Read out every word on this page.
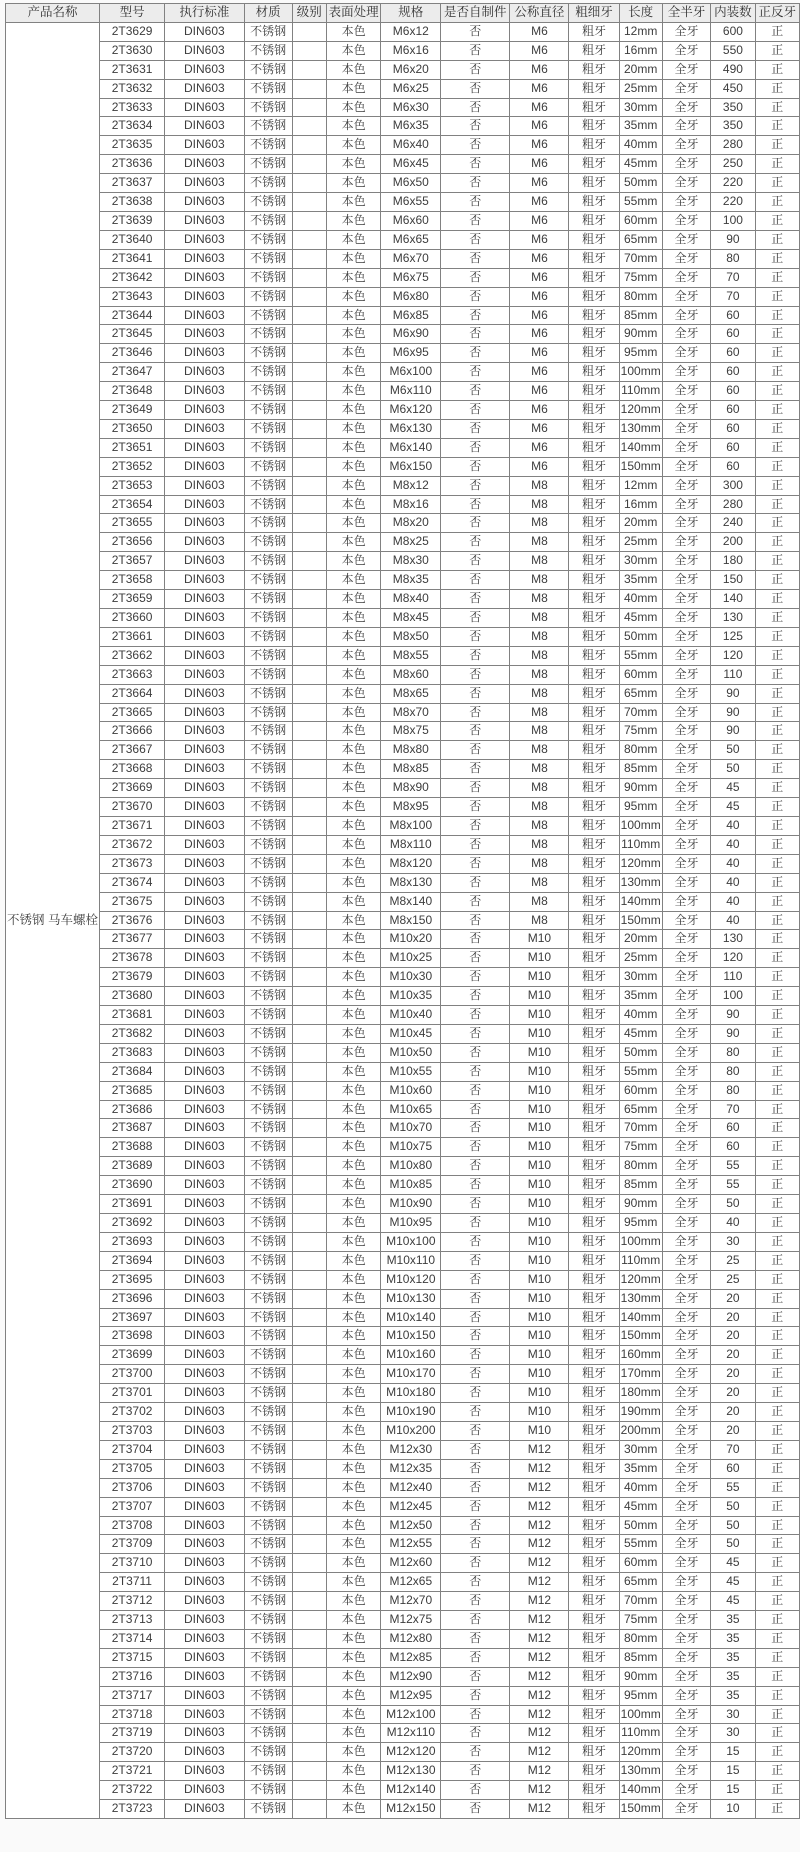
产品名称	型号	执行标准	材质	级别	表面处理	规格	是否自制件	公称直径	粗细牙	长度	全半牙	内装数	正反牙
不锈钢 马车螺栓	2T3629	DIN603	不锈钢		本色	M6x12	否	M6	粗牙	12mm	全牙	600	正
	2T3630	DIN603	不锈钢		本色	M6x16	否	M6	粗牙	16mm	全牙	550	正
	2T3631	DIN603	不锈钢		本色	M6x20	否	M6	粗牙	20mm	全牙	490	正
	2T3632	DIN603	不锈钢		本色	M6x25	否	M6	粗牙	25mm	全牙	450	正
	2T3633	DIN603	不锈钢		本色	M6x30	否	M6	粗牙	30mm	全牙	350	正
	2T3634	DIN603	不锈钢		本色	M6x35	否	M6	粗牙	35mm	全牙	350	正
	2T3635	DIN603	不锈钢		本色	M6x40	否	M6	粗牙	40mm	全牙	280	正
	2T3636	DIN603	不锈钢		本色	M6x45	否	M6	粗牙	45mm	全牙	250	正
	2T3637	DIN603	不锈钢		本色	M6x50	否	M6	粗牙	50mm	全牙	220	正
	2T3638	DIN603	不锈钢		本色	M6x55	否	M6	粗牙	55mm	全牙	220	正
	2T3639	DIN603	不锈钢		本色	M6x60	否	M6	粗牙	60mm	全牙	100	正
	2T3640	DIN603	不锈钢		本色	M6x65	否	M6	粗牙	65mm	全牙	90	正
	2T3641	DIN603	不锈钢		本色	M6x70	否	M6	粗牙	70mm	全牙	80	正
	2T3642	DIN603	不锈钢		本色	M6x75	否	M6	粗牙	75mm	全牙	70	正
	2T3643	DIN603	不锈钢		本色	M6x80	否	M6	粗牙	80mm	全牙	70	正
	2T3644	DIN603	不锈钢		本色	M6x85	否	M6	粗牙	85mm	全牙	60	正
	2T3645	DIN603	不锈钢		本色	M6x90	否	M6	粗牙	90mm	全牙	60	正
	2T3646	DIN603	不锈钢		本色	M6x95	否	M6	粗牙	95mm	全牙	60	正
	2T3647	DIN603	不锈钢		本色	M6x100	否	M6	粗牙	100mm	全牙	60	正
	2T3648	DIN603	不锈钢		本色	M6x110	否	M6	粗牙	110mm	全牙	60	正
	2T3649	DIN603	不锈钢		本色	M6x120	否	M6	粗牙	120mm	全牙	60	正
	2T3650	DIN603	不锈钢		本色	M6x130	否	M6	粗牙	130mm	全牙	60	正
	2T3651	DIN603	不锈钢		本色	M6x140	否	M6	粗牙	140mm	全牙	60	正
	2T3652	DIN603	不锈钢		本色	M6x150	否	M6	粗牙	150mm	全牙	60	正
	2T3653	DIN603	不锈钢		本色	M8x12	否	M8	粗牙	12mm	全牙	300	正
	2T3654	DIN603	不锈钢		本色	M8x16	否	M8	粗牙	16mm	全牙	280	正
	2T3655	DIN603	不锈钢		本色	M8x20	否	M8	粗牙	20mm	全牙	240	正
	2T3656	DIN603	不锈钢		本色	M8x25	否	M8	粗牙	25mm	全牙	200	正
	2T3657	DIN603	不锈钢		本色	M8x30	否	M8	粗牙	30mm	全牙	180	正
	2T3658	DIN603	不锈钢		本色	M8x35	否	M8	粗牙	35mm	全牙	150	正
	2T3659	DIN603	不锈钢		本色	M8x40	否	M8	粗牙	40mm	全牙	140	正
	2T3660	DIN603	不锈钢		本色	M8x45	否	M8	粗牙	45mm	全牙	130	正
	2T3661	DIN603	不锈钢		本色	M8x50	否	M8	粗牙	50mm	全牙	125	正
	2T3662	DIN603	不锈钢		本色	M8x55	否	M8	粗牙	55mm	全牙	120	正
	2T3663	DIN603	不锈钢		本色	M8x60	否	M8	粗牙	60mm	全牙	110	正
	2T3664	DIN603	不锈钢		本色	M8x65	否	M8	粗牙	65mm	全牙	90	正
	2T3665	DIN603	不锈钢		本色	M8x70	否	M8	粗牙	70mm	全牙	90	正
	2T3666	DIN603	不锈钢		本色	M8x75	否	M8	粗牙	75mm	全牙	90	正
	2T3667	DIN603	不锈钢		本色	M8x80	否	M8	粗牙	80mm	全牙	50	正
	2T3668	DIN603	不锈钢		本色	M8x85	否	M8	粗牙	85mm	全牙	50	正
	2T3669	DIN603	不锈钢		本色	M8x90	否	M8	粗牙	90mm	全牙	45	正
	2T3670	DIN603	不锈钢		本色	M8x95	否	M8	粗牙	95mm	全牙	45	正
	2T3671	DIN603	不锈钢		本色	M8x100	否	M8	粗牙	100mm	全牙	40	正
	2T3672	DIN603	不锈钢		本色	M8x110	否	M8	粗牙	110mm	全牙	40	正
	2T3673	DIN603	不锈钢		本色	M8x120	否	M8	粗牙	120mm	全牙	40	正
	2T3674	DIN603	不锈钢		本色	M8x130	否	M8	粗牙	130mm	全牙	40	正
	2T3675	DIN603	不锈钢		本色	M8x140	否	M8	粗牙	140mm	全牙	40	正
	2T3676	DIN603	不锈钢		本色	M8x150	否	M8	粗牙	150mm	全牙	40	正
	2T3677	DIN603	不锈钢		本色	M10x20	否	M10	粗牙	20mm	全牙	130	正
	2T3678	DIN603	不锈钢		本色	M10x25	否	M10	粗牙	25mm	全牙	120	正
	2T3679	DIN603	不锈钢		本色	M10x30	否	M10	粗牙	30mm	全牙	110	正
	2T3680	DIN603	不锈钢		本色	M10x35	否	M10	粗牙	35mm	全牙	100	正
	2T3681	DIN603	不锈钢		本色	M10x40	否	M10	粗牙	40mm	全牙	90	正
	2T3682	DIN603	不锈钢		本色	M10x45	否	M10	粗牙	45mm	全牙	90	正
	2T3683	DIN603	不锈钢		本色	M10x50	否	M10	粗牙	50mm	全牙	80	正
	2T3684	DIN603	不锈钢		本色	M10x55	否	M10	粗牙	55mm	全牙	80	正
	2T3685	DIN603	不锈钢		本色	M10x60	否	M10	粗牙	60mm	全牙	80	正
	2T3686	DIN603	不锈钢		本色	M10x65	否	M10	粗牙	65mm	全牙	70	正
	2T3687	DIN603	不锈钢		本色	M10x70	否	M10	粗牙	70mm	全牙	60	正
	2T3688	DIN603	不锈钢		本色	M10x75	否	M10	粗牙	75mm	全牙	60	正
	2T3689	DIN603	不锈钢		本色	M10x80	否	M10	粗牙	80mm	全牙	55	正
	2T3690	DIN603	不锈钢		本色	M10x85	否	M10	粗牙	85mm	全牙	55	正
	2T3691	DIN603	不锈钢		本色	M10x90	否	M10	粗牙	90mm	全牙	50	正
	2T3692	DIN603	不锈钢		本色	M10x95	否	M10	粗牙	95mm	全牙	40	正
	2T3693	DIN603	不锈钢		本色	M10x100	否	M10	粗牙	100mm	全牙	30	正
	2T3694	DIN603	不锈钢		本色	M10x110	否	M10	粗牙	110mm	全牙	25	正
	2T3695	DIN603	不锈钢		本色	M10x120	否	M10	粗牙	120mm	全牙	25	正
	2T3696	DIN603	不锈钢		本色	M10x130	否	M10	粗牙	130mm	全牙	20	正
	2T3697	DIN603	不锈钢		本色	M10x140	否	M10	粗牙	140mm	全牙	20	正
	2T3698	DIN603	不锈钢		本色	M10x150	否	M10	粗牙	150mm	全牙	20	正
	2T3699	DIN603	不锈钢		本色	M10x160	否	M10	粗牙	160mm	全牙	20	正
	2T3700	DIN603	不锈钢		本色	M10x170	否	M10	粗牙	170mm	全牙	20	正
	2T3701	DIN603	不锈钢		本色	M10x180	否	M10	粗牙	180mm	全牙	20	正
	2T3702	DIN603	不锈钢		本色	M10x190	否	M10	粗牙	190mm	全牙	20	正
	2T3703	DIN603	不锈钢		本色	M10x200	否	M10	粗牙	200mm	全牙	20	正
	2T3704	DIN603	不锈钢		本色	M12x30	否	M12	粗牙	30mm	全牙	70	正
	2T3705	DIN603	不锈钢		本色	M12x35	否	M12	粗牙	35mm	全牙	60	正
	2T3706	DIN603	不锈钢		本色	M12x40	否	M12	粗牙	40mm	全牙	55	正
	2T3707	DIN603	不锈钢		本色	M12x45	否	M12	粗牙	45mm	全牙	50	正
	2T3708	DIN603	不锈钢		本色	M12x50	否	M12	粗牙	50mm	全牙	50	正
	2T3709	DIN603	不锈钢		本色	M12x55	否	M12	粗牙	55mm	全牙	50	正
	2T3710	DIN603	不锈钢		本色	M12x60	否	M12	粗牙	60mm	全牙	45	正
	2T3711	DIN603	不锈钢		本色	M12x65	否	M12	粗牙	65mm	全牙	45	正
	2T3712	DIN603	不锈钢		本色	M12x70	否	M12	粗牙	70mm	全牙	45	正
	2T3713	DIN603	不锈钢		本色	M12x75	否	M12	粗牙	75mm	全牙	35	正
	2T3714	DIN603	不锈钢		本色	M12x80	否	M12	粗牙	80mm	全牙	35	正
	2T3715	DIN603	不锈钢		本色	M12x85	否	M12	粗牙	85mm	全牙	35	正
	2T3716	DIN603	不锈钢		本色	M12x90	否	M12	粗牙	90mm	全牙	35	正
	2T3717	DIN603	不锈钢		本色	M12x95	否	M12	粗牙	95mm	全牙	35	正
	2T3718	DIN603	不锈钢		本色	M12x100	否	M12	粗牙	100mm	全牙	30	正
	2T3719	DIN603	不锈钢		本色	M12x110	否	M12	粗牙	110mm	全牙	30	正
	2T3720	DIN603	不锈钢		本色	M12x120	否	M12	粗牙	120mm	全牙	15	正
	2T3721	DIN603	不锈钢		本色	M12x130	否	M12	粗牙	130mm	全牙	15	正
	2T3722	DIN603	不锈钢		本色	M12x140	否	M12	粗牙	140mm	全牙	15	正
	2T3723	DIN603	不锈钢		本色	M12x150	否	M12	粗牙	150mm	全牙	10	正
